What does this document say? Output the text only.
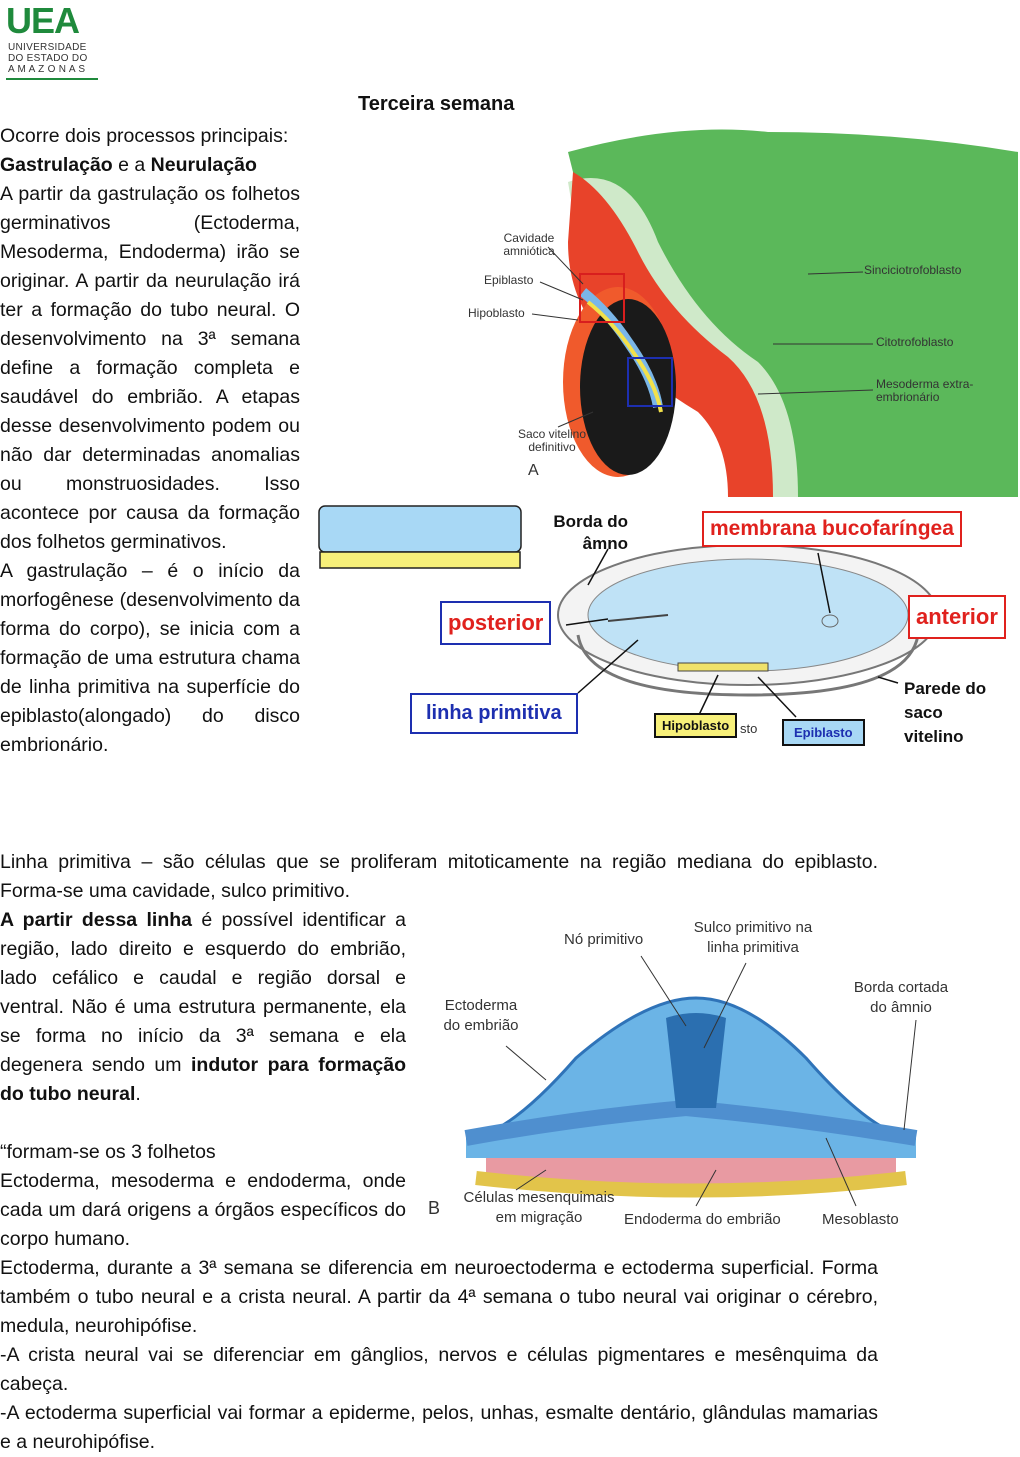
UEA
UNIVERSIDADE
DO ESTADO DO
A M A Z O N A S
Terceira semana

Ocorre dois processos principais:

Gastrulação e a Neurulação

A partir da gastrulação os folhetos germinativos (Ectoderma, Mesoderma, Endoderma) irão se originar. A partir da neurulação irá ter a formação do tubo neural. O desenvolvimento na 3ª semana define a formação completa e saudável do embrião. A etapas desse desenvolvimento podem ou não dar determinadas anomalias ou monstruosidades. Isso acontece por causa da formação dos folhetos germinativos.

A gastrulação – é o início da morfogênese (desenvolvimento da forma do corpo), se inicia com a formação de uma estrutura chama de linha primitiva na superfície do epiblasto(alongado) do disco embrionário.

Cavidade amniótica
Epiblasto
Hipoblasto
Saco vitelino definitivo
A
Sinciciotrofoblasto
Citotrofoblasto
Mesoderma extra-embrionário
Borda do âmno
membrana bucofaríngea
posterior	anterior
linha primitiva
Hipoblasto sto	Epiblasto
Parede do saco vitelino

Linha primitiva – são células que se proliferam mitoticamente na região mediana do epiblasto. Forma-se uma cavidade, sulco primitivo.

A partir dessa linha é possível identificar a região, lado direito e esquerdo do embrião, lado cefálico e caudal e região dorsal e ventral. Não é uma estrutura permanente, ela se forma no início da 3ª semana e ela degenera sendo um indutor para formação do tubo neural.

“formam-se os 3 folhetos

Ectoderma, mesoderma e endoderma, onde cada um dará origens a órgãos específicos do corpo humano.

Nó primitivo
Sulco primitivo na linha primitiva
Ectoderma do embrião
Borda cortada do âmnio
B
Células mesenquimais em migração	Endoderma do embrião	Mesoblasto

Ectoderma, durante a 3ª semana se diferencia em neuroectoderma e ectoderma superficial. Forma também o tubo neural e a crista neural. A partir da 4ª semana o tubo neural vai originar o cérebro, medula, neurohipófise.

-A crista neural vai se diferenciar em gânglios, nervos e células pigmentares e mesênquima da cabeça.

-A ectoderma superficial vai formar a epiderme, pelos, unhas, esmalte dentário, glândulas mamarias e a neurohipófise.
